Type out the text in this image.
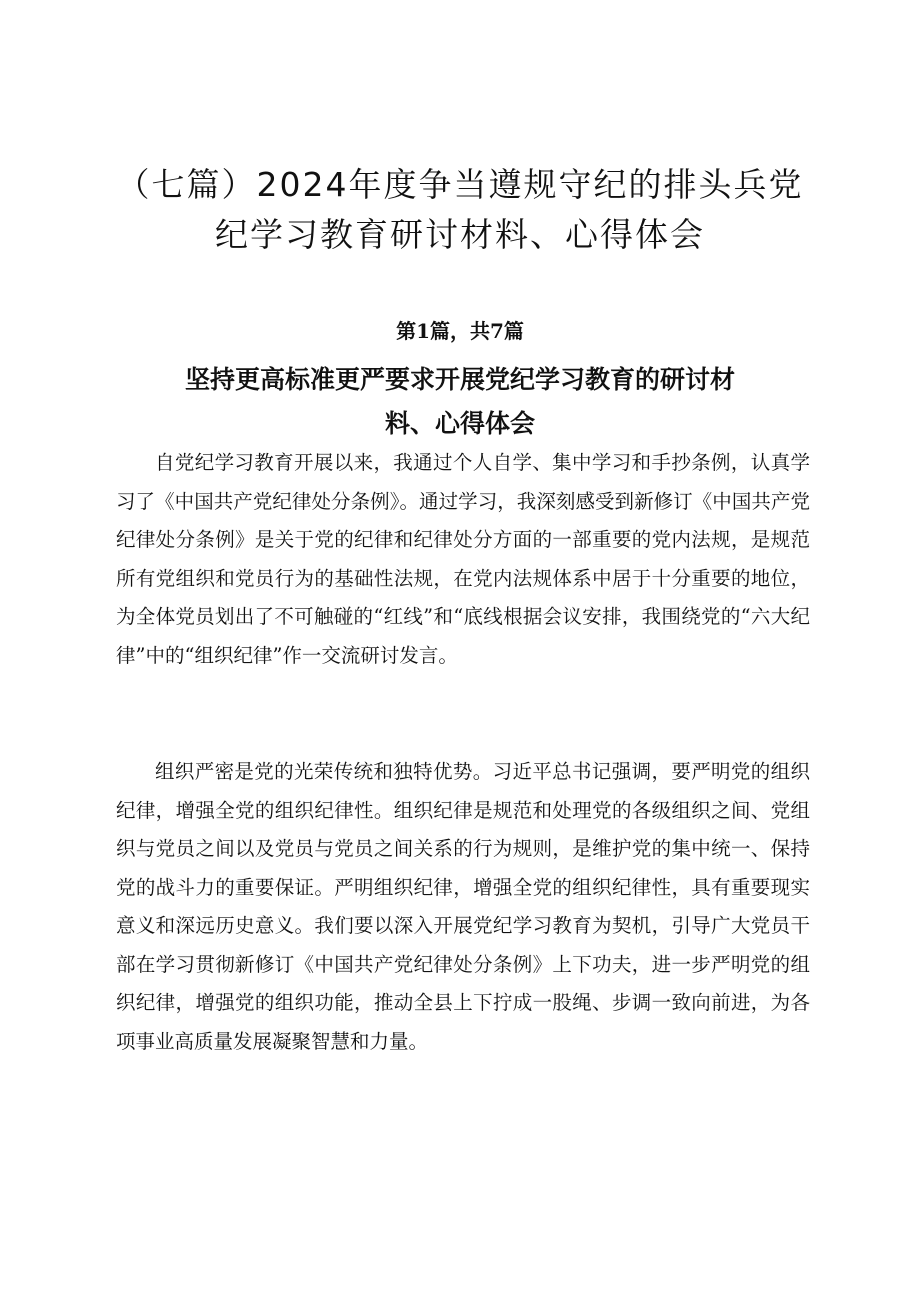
（七篇）2024年度争当遵规守纪的排头兵党
纪学习教育研讨材料、心得体会

第1篇，共7篇

坚持更高标准更严要求开展党纪学习教育的研讨材
料、心得体会

自党纪学习教育开展以来，我通过个人自学、集中学习和手抄条例，认真学习了《中国共产党纪律处分条例》。通过学习，我深刻感受到新修订《中国共产党纪律处分条例》是关于党的纪律和纪律处分方面的一部重要的党内法规，是规范所有党组织和党员行为的基础性法规，在党内法规体系中居于十分重要的地位，为全体党员划出了不可触碰的“红线”和“底线根据会议安排，我围绕党的“六大纪律”中的“组织纪律”作一交流研讨发言。

组织严密是党的光荣传统和独特优势。习近平总书记强调，要严明党的组织纪律，增强全党的组织纪律性。组织纪律是规范和处理党的各级组织之间、党组织与党员之间以及党员与党员之间关系的行为规则，是维护党的集中统一、保持党的战斗力的重要保证。严明组织纪律，增强全党的组织纪律性，具有重要现实意义和深远历史意义。我们要以深入开展党纪学习教育为契机，引导广大党员干部在学习贯彻新修订《中国共产党纪律处分条例》上下功夫，进一步严明党的组织纪律，增强党的组织功能，推动全县上下拧成一股绳、步调一致向前进，为各项事业高质量发展凝聚智慧和力量。
